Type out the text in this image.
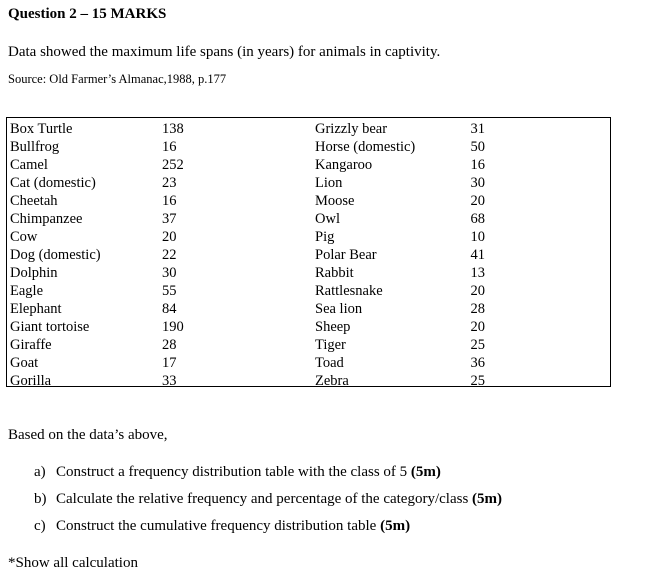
Question 2 – 15 MARKS
Data showed the maximum life spans (in years) for animals in captivity.
Source: Old Farmer’s Almanac,1988, p.177
Box Turtle
Bullfrog
Camel
Cat (domestic)
Cheetah
Chimpanzee
Cow
Dog (domestic)
Dolphin
Eagle
Elephant
Giant tortoise
Giraffe
Goat
Gorilla
138
16
252
23
16
37
20
22
30
55
84
190
28
17
33
Grizzly bear
Horse (domestic)
Kangaroo
Lion
Moose
Owl
Pig
Polar Bear
Rabbit
Rattlesnake
Sea lion
Sheep
Tiger
Toad
Zebra
31
50
16
30
20
68
10
41
13
20
28
20
25
36
25
Based on the data’s above,
a) Construct a frequency distribution table with the class of 5 (5m)
b) Calculate the relative frequency and percentage of the category/class (5m)
c) Construct the cumulative frequency distribution table (5m)
*Show all calculation
